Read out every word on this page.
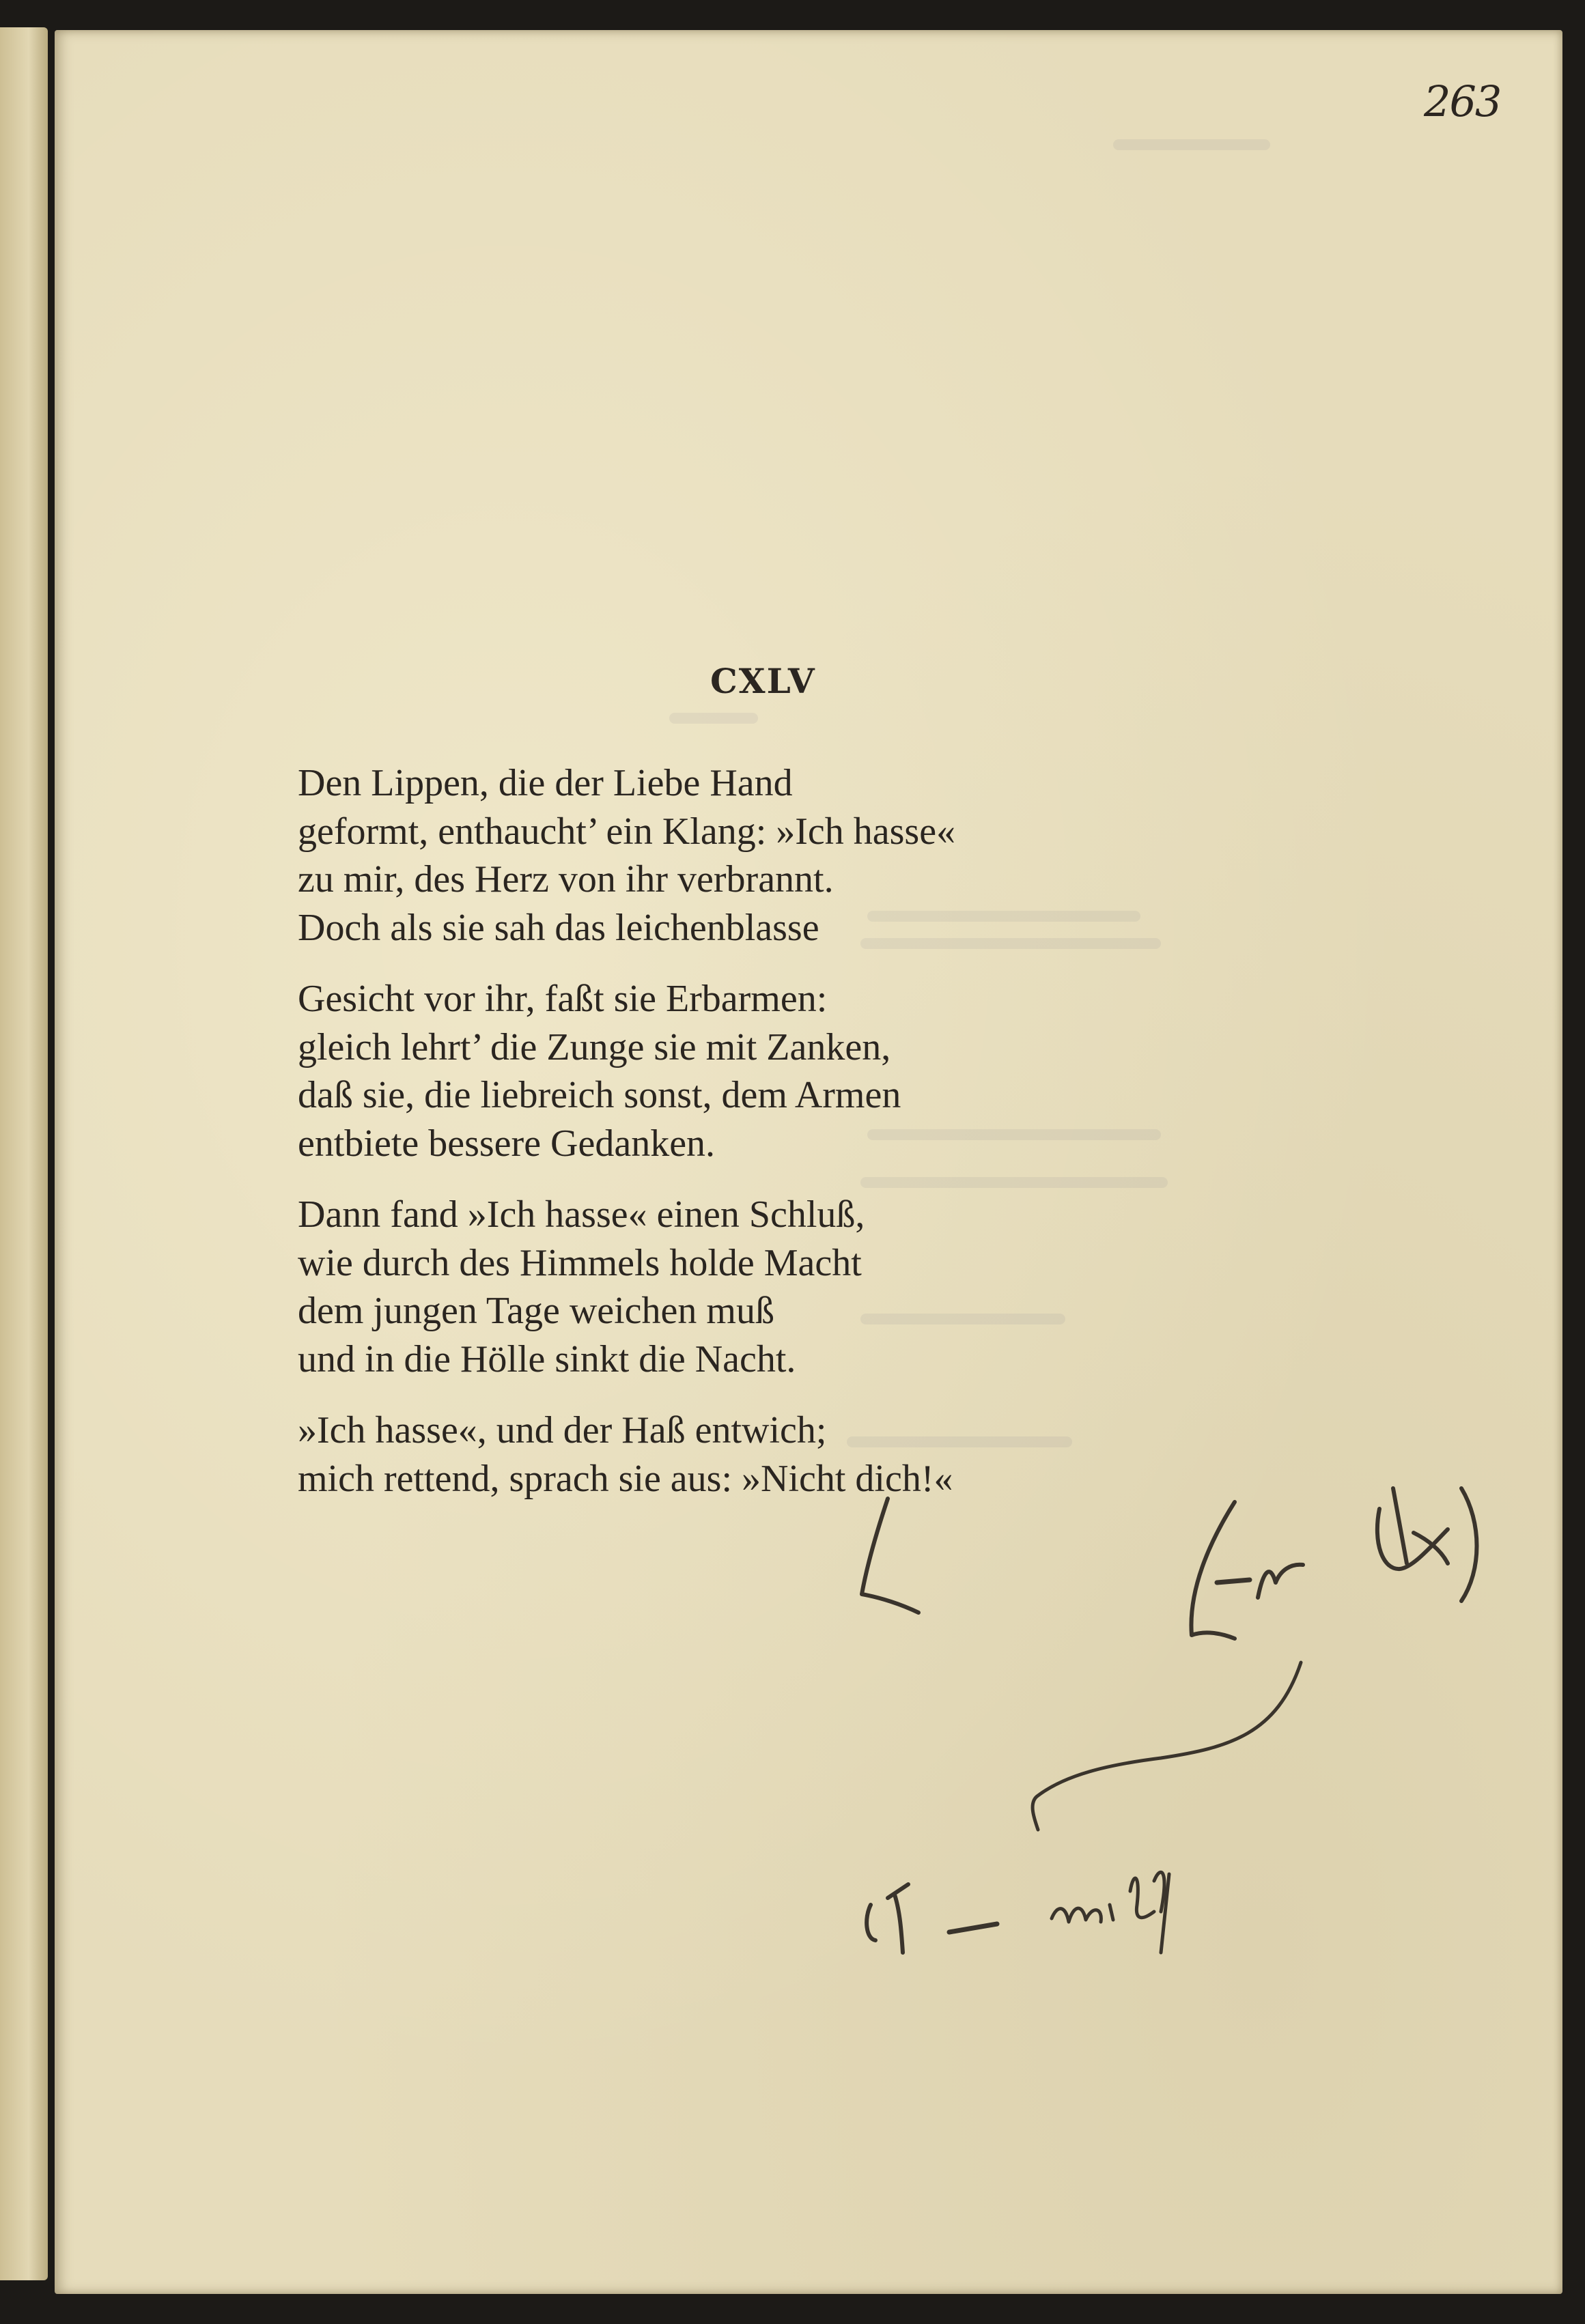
263
CXLV
Den Lippen, die der Liebe Hand
geformt, enthaucht’ ein Klang: »Ich hasse«
zu mir, des Herz von ihr verbrannt.
Doch als sie sah das leichenblasse
Gesicht vor ihr, faßt sie Erbarmen:
gleich lehrt’ die Zunge sie mit Zanken,
daß sie, die liebreich sonst, dem Armen
entbiete bessere Gedanken.
Dann fand »Ich hasse« einen Schluß,
wie durch des Himmels holde Macht
dem jungen Tage weichen muß
und in die Hölle sinkt die Nacht.
»Ich hasse«, und der Haß entwich;
mich rettend, sprach sie aus: »Nicht dich!«
